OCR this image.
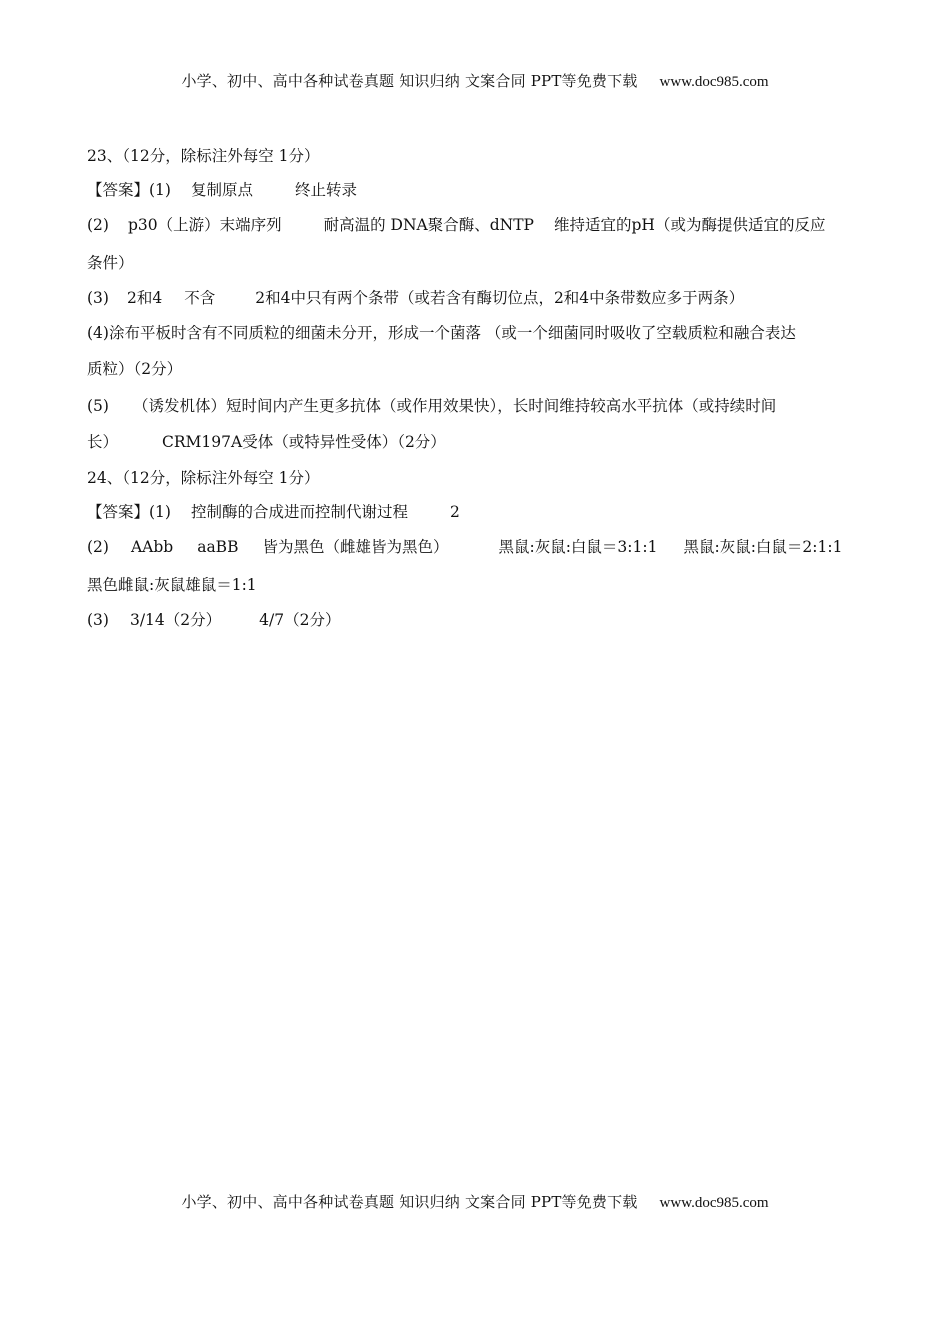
小学、初中、高中各种试卷真题 知识归纳 文案合同 PPT等免费下载 www.doc985.com
23、（12分，除标注外每空 1分）
【答案】(1) 复制原点	终止转录
(2) p30（上游）末端序列	耐高温的 DNA聚合酶、dNTP 维持适宜的pH（或为酶提供适宜的反应
条件）
(3) 2和4 不含	2和4中只有两个条带（或若含有酶切位点，2和4中条带数应多于两条）
(4)涂布平板时含有不同质粒的细菌未分开，形成一个菌落 （或一个细菌同时吸收了空载质粒和融合表达
质粒）（2分）
(5) （诱发机体）短时间内产生更多抗体（或作用效果快），长时间维持较高水平抗体（或持续时间
长）	CRM197A受体（或特异性受体）（2分）
24、（12分，除标注外每空 1分）
【答案】(1) 控制酶的合成进而控制代谢过程	2
(2) AAbb aaBB 皆为黑色（雌雄皆为黑色）	黑鼠:灰鼠:白鼠＝3:1:1 黑鼠:灰鼠:白鼠＝2:1:1
黑色雌鼠:灰鼠雄鼠＝1:1
(3) 3/14（2分） 4/7（2分）
小学、初中、高中各种试卷真题 知识归纳 文案合同 PPT等免费下载 www.doc985.com
